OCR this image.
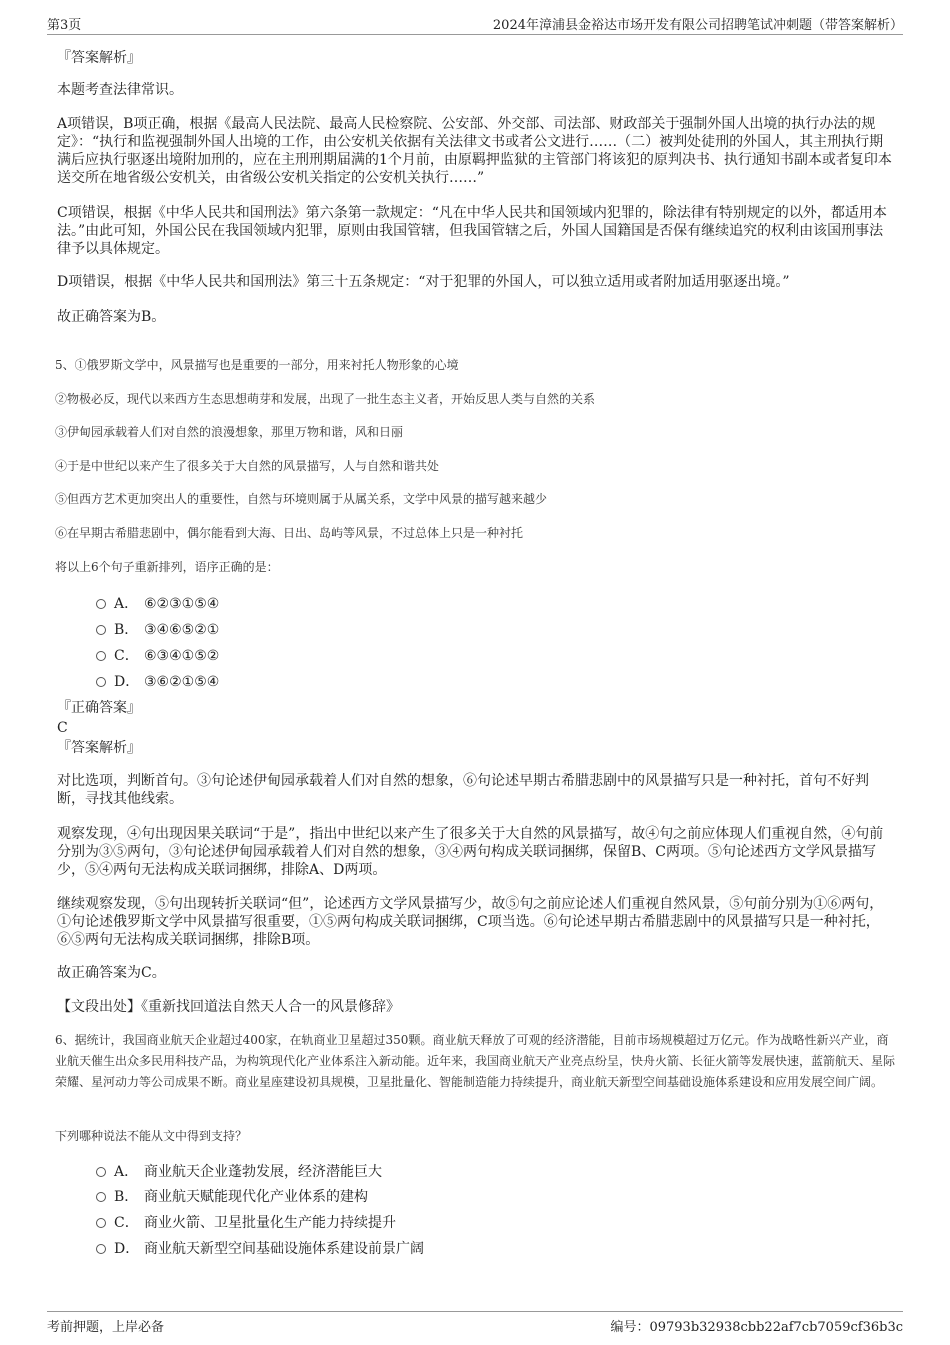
第3页	2024年漳浦县金裕达市场开发有限公司招聘笔试冲刺题（带答案解析）

『答案解析』

本题考查法律常识。

A项错误，B项正确，根据《最高人民法院、最高人民检察院、公安部、外交部、司法部、财政部关于强制外国人出境的执行办法的规定》：“执行和监视强制外国人出境的工作，由公安机关依据有关法律文书或者公文进行……（二）被判处徒刑的外国人，其主刑执行期满后应执行驱逐出境附加刑的，应在主刑刑期届满的1个月前，由原羁押监狱的主管部门将该犯的原判决书、执行通知书副本或者复印本送交所在地省级公安机关，由省级公安机关指定的公安机关执行……”

C项错误，根据《中华人民共和国刑法》第六条第一款规定：“凡在中华人民共和国领域内犯罪的，除法律有特别规定的以外，都适用本法。”由此可知，外国公民在我国领域内犯罪，原则由我国管辖，但我国管辖之后，外国人国籍国是否保有继续追究的权利由该国刑事法律予以具体规定。

D项错误，根据《中华人民共和国刑法》第三十五条规定：“对于犯罪的外国人，可以独立适用或者附加适用驱逐出境。”

故正确答案为B。

5、①俄罗斯文学中，风景描写也是重要的一部分，用来衬托人物形象的心境

②物极必反，现代以来西方生态思想萌芽和发展，出现了一批生态主义者，开始反思人类与自然的关系

③伊甸园承载着人们对自然的浪漫想象，那里万物和谐，风和日丽

④于是中世纪以来产生了很多关于大自然的风景描写，人与自然和谐共处

⑤但西方艺术更加突出人的重要性，自然与环境则属于从属关系，文学中风景的描写越来越少

⑥在早期古希腊悲剧中，偶尔能看到大海、日出、岛屿等风景，不过总体上只是一种衬托

将以上6个句子重新排列，语序正确的是：

A． ⑥②③①⑤④
B． ③④⑥⑤②①
C． ⑥③④①⑤②
D． ③⑥②①⑤④
『正确答案』
C
『答案解析』

对比选项，判断首句。③句论述伊甸园承载着人们对自然的想象，⑥句论述早期古希腊悲剧中的风景描写只是一种衬托，首句不好判断，寻找其他线索。

观察发现，④句出现因果关联词“于是”，指出中世纪以来产生了很多关于大自然的风景描写，故④句之前应体现人们重视自然，④句前分别为③⑤两句，③句论述伊甸园承载着人们对自然的想象，③④两句构成关联词捆绑，保留B、C两项。⑤句论述西方文学风景描写少，⑤④两句无法构成关联词捆绑，排除A、D两项。

继续观察发现，⑤句出现转折关联词“但”，论述西方文学风景描写少，故⑤句之前应论述人们重视自然风景，⑤句前分别为①⑥两句，①句论述俄罗斯文学中风景描写很重要，①⑤两句构成关联词捆绑，C项当选。⑥句论述早期古希腊悲剧中的风景描写只是一种衬托，⑥⑤两句无法构成关联词捆绑，排除B项。

故正确答案为C。

【文段出处】《重新找回道法自然天人合一的风景修辞》

6、据统计，我国商业航天企业超过400家，在轨商业卫星超过350颗。商业航天释放了可观的经济潜能，目前市场规模超过万亿元。作为战略性新兴产业，商业航天催生出众多民用科技产品，为构筑现代化产业体系注入新动能。近年来，我国商业航天产业亮点纷呈，快舟火箭、长征火箭等发展快速，蓝箭航天、星际荣耀、星河动力等公司成果不断。商业星座建设初具规模，卫星批量化、智能制造能力持续提升，商业航天新型空间基础设施体系建设和应用发展空间广阔。

下列哪种说法不能从文中得到支持？

A． 商业航天企业蓬勃发展，经济潜能巨大
B． 商业航天赋能现代化产业体系的建构
C． 商业火箭、卫星批量化生产能力持续提升
D． 商业航天新型空间基础设施体系建设前景广阔
考前押题，上岸必备	编号：09793b32938cbb22af7cb7059cf36b3c
